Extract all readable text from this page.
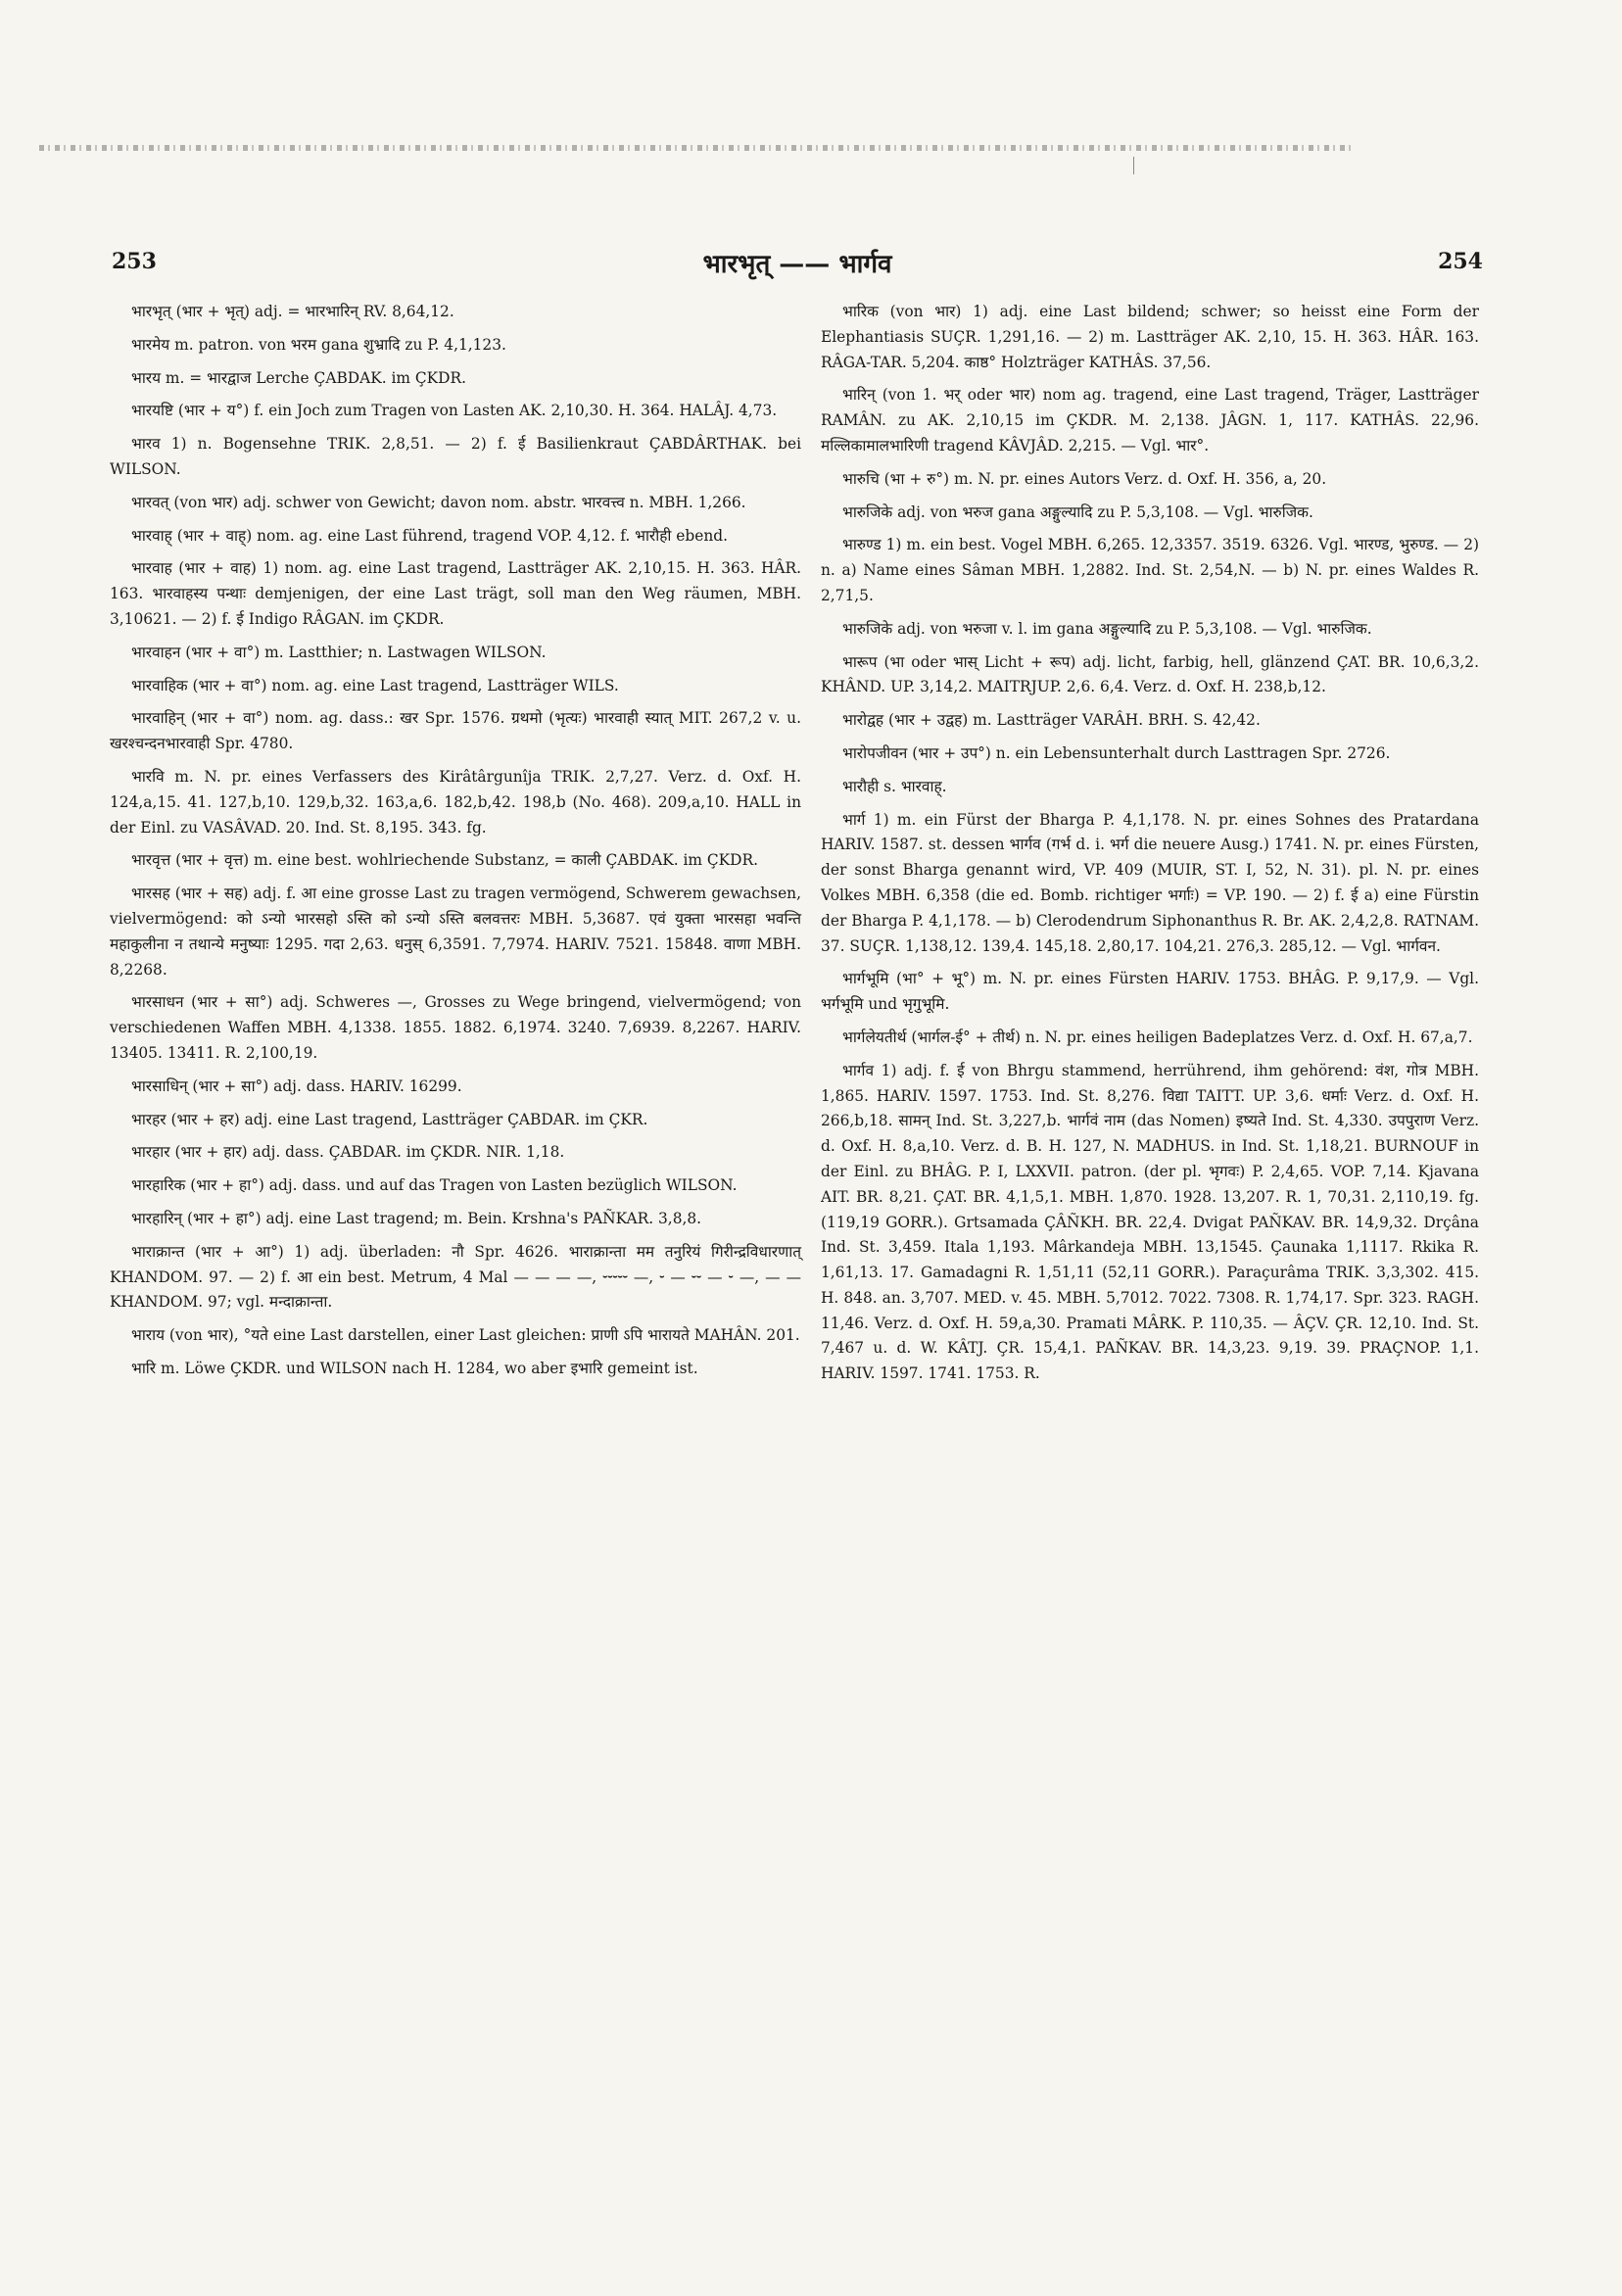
253	भारभृत् —— भार्गव	254

भारभृत् (भार + भृत्) adj. = भारभारिन् RV. 8,64,12.

भारमेय m. patron. von भरम gana शुभ्रादि zu P. 4,1,123.

भारय m. = भारद्वाज Lerche ÇABDAK. im ÇKDR.

भारयष्टि (भार + य°) f. ein Joch zum Tragen von Lasten AK. 2,10,30. H. 364. HALÂJ. 4,73.

भारव 1) n. Bogensehne TRIK. 2,8,51. — 2) f. ई Basilienkraut ÇABDÂRTHAK. bei WILSON.

भारवत् (von भार) adj. schwer von Gewicht; davon nom. abstr. भारवत्त्व n. MBH. 1,266.

भारवाह् (भार + वाह्) nom. ag. eine Last führend, tragend VOP. 4,12. f. भारौही ebend.

भारवाह (भार + वाह) 1) nom. ag. eine Last tragend, Lastträger AK. 2,10,15. H. 363. HÂR. 163. भारवाहस्य पन्थाः demjenigen, der eine Last trägt, soll man den Weg räumen, MBH. 3,10621. — 2) f. ई Indigo RÂGAN. im ÇKDR.

भारवाहन (भार + वा°) m. Lastthier; n. Lastwagen WILSON.

भारवाहिक (भार + वा°) nom. ag. eine Last tragend, Lastträger WILS.

भारवाहिन् (भार + वा°) nom. ag. dass.: खर Spr. 1576. ग्रथमो (भृत्यः) भारवाही स्यात् MIT. 267,2 v. u. खरश्चन्दनभारवाही Spr. 4780.

भारवि m. N. pr. eines Verfassers des Kirâtârgunîja TRIK. 2,7,27. Verz. d. Oxf. H. 124,a,15. 41. 127,b,10. 129,b,32. 163,a,6. 182,b,42. 198,b (No. 468). 209,a,10. HALL in der Einl. zu VASÂVAD. 20. Ind. St. 8,195. 343. fg.

भारवृत्त (भार + वृत्त) m. eine best. wohlriechende Substanz, = काली ÇABDAK. im ÇKDR.

भारसह (भार + सह) adj. f. आ eine grosse Last zu tragen vermögend, Schwerem gewachsen, vielvermögend: को ऽन्यो भारसहो ऽस्ति को ऽन्यो ऽस्ति बलवत्तरः MBH. 5,3687. एवं युक्ता भारसहा भवन्ति महाकुलीना न तथान्ये मनुष्याः 1295. गदा 2,63. धनुस् 6,3591. 7,7974. HARIV. 7521. 15848. वाणा MBH. 8,2268.

भारसाधन (भार + सा°) adj. Schweres —, Grosses zu Wege bringend, vielvermögend; von verschiedenen Waffen MBH. 4,1338. 1855. 1882. 6,1974. 3240. 7,6939. 8,2267. HARIV. 13405. 13411. R. 2,100,19.

भारसाधिन् (भार + सा°) adj. dass. HARIV. 16299.

भारहर (भार + हर) adj. eine Last tragend, Lastträger ÇABDAR. im ÇKR.

भारहार (भार + हार) adj. dass. ÇABDAR. im ÇKDR. NIR. 1,18.

भारहारिक (भार + हा°) adj. dass. und auf das Tragen von Lasten bezüglich WILSON.

भारहारिन् (भार + हा°) adj. eine Last tragend; m. Bein. Krshna's PAÑKAR. 3,8,8.

भाराक्रान्त (भार + आ°) 1) adj. überladen: नौ Spr. 4626. भाराक्रान्ता मम तनुरियं गिरीन्द्रविधारणात् KHANDOM. 97. — 2) f. आ ein best. Metrum, 4 Mal — — — —, ⏑⏑⏑⏑⏑ —, ⏑ — ⏑⏑ — ⏑ —, — — KHANDOM. 97; vgl. मन्दाक्रान्ता.

भाराय (von भार), °यते eine Last darstellen, einer Last gleichen: प्राणी ऽपि भारायते MAHÂN. 201.

भारि m. Löwe ÇKDR. und WILSON nach H. 1284, wo aber इभारि gemeint ist.

भारिक (von भार) 1) adj. eine Last bildend; schwer; so heisst eine Form der Elephantiasis SUÇR. 1,291,16. — 2) m. Lastträger AK. 2,10, 15. H. 363. HÂR. 163. RÂGA-TAR. 5,204. काष्ठ° Holzträger KATHÂS. 37,56.

भारिन् (von 1. भर् oder भार) nom ag. tragend, eine Last tragend, Träger, Lastträger RAMÂN. zu AK. 2,10,15 im ÇKDR. M. 2,138. JÂGN. 1, 117. KATHÂS. 22,96. मल्लिकामालभारिणी tragend KÂVJÂD. 2,215. — Vgl. भार°.

भारुचि (भा + रु°) m. N. pr. eines Autors Verz. d. Oxf. H. 356, a, 20.

भारुजिके adj. von भरुज gana अङ्गुल्यादि zu P. 5,3,108. — Vgl. भारुजिक.

भारुण्ड 1) m. ein best. Vogel MBH. 6,265. 12,3357. 3519. 6326. Vgl. भारण्ड, भुरुण्ड. — 2) n. a) Name eines Sâman MBH. 1,2882. Ind. St. 2,54,N. — b) N. pr. eines Waldes R. 2,71,5.

भारुजिके adj. von भरुजा v. l. im gana अङ्गुल्यादि zu P. 5,3,108. — Vgl. भारुजिक.

भारूप (भा oder भास् Licht + रूप) adj. licht, farbig, hell, glänzend ÇAT. BR. 10,6,3,2. KHÂND. UP. 3,14,2. MAITRJUP. 2,6. 6,4. Verz. d. Oxf. H. 238,b,12.

भारोद्वह (भार + उद्वह) m. Lastträger VARÂH. BRH. S. 42,42.

भारोपजीवन (भार + उप°) n. ein Lebensunterhalt durch Lasttragen Spr. 2726.

भारौही s. भारवाह्.

भार्ग 1) m. ein Fürst der Bharga P. 4,1,178. N. pr. eines Sohnes des Pratardana HARIV. 1587. st. dessen भार्गव (गर्भ d. i. भर्ग die neuere Ausg.) 1741. N. pr. eines Fürsten, der sonst Bharga genannt wird, VP. 409 (MUIR, ST. I, 52, N. 31). pl. N. pr. eines Volkes MBH. 6,358 (die ed. Bomb. richtiger भर्गाः) = VP. 190. — 2) f. ई a) eine Fürstin der Bharga P. 4,1,178. — b) Clerodendrum Siphonanthus R. Br. AK. 2,4,2,8. RATNAM. 37. SUÇR. 1,138,12. 139,4. 145,18. 2,80,17. 104,21. 276,3. 285,12. — Vgl. भार्गवन.

भार्गभूमि (भा° + भू°) m. N. pr. eines Fürsten HARIV. 1753. BHÂG. P. 9,17,9. — Vgl. भर्गभूमि und भृगुभूमि.

भार्गलेयतीर्थ (भार्गल-ई° + तीर्थ) n. N. pr. eines heiligen Badeplatzes Verz. d. Oxf. H. 67,a,7.

भार्गव 1) adj. f. ई von Bhrgu stammend, herrührend, ihm gehörend: वंश, गोत्र MBH. 1,865. HARIV. 1597. 1753. Ind. St. 8,276. विद्या TAITT. UP. 3,6. धर्माः Verz. d. Oxf. H. 266,b,18. सामन् Ind. St. 3,227,b. भार्गवं नाम (das Nomen) इष्यते Ind. St. 4,330. उपपुराण Verz. d. Oxf. H. 8,a,10. Verz. d. B. H. 127, N. MADHUS. in Ind. St. 1,18,21. BURNOUF in der Einl. zu BHÂG. P. I, LXXVII. patron. (der pl. भृगवः) P. 2,4,65. VOP. 7,14. Kjavana AIT. BR. 8,21. ÇAT. BR. 4,1,5,1. MBH. 1,870. 1928. 13,207. R. 1, 70,31. 2,110,19. fg. (119,19 GORR.). Grtsamada ÇÂÑKH. BR. 22,4. Dvigat PAÑKAV. BR. 14,9,32. Drçâna Ind. St. 3,459. Itala 1,193. Mârkandeja MBH. 13,1545. Çaunaka 1,1117. Rkika R. 1,61,13. 17. Gamadagni R. 1,51,11 (52,11 GORR.). Paraçurâma TRIK. 3,3,302. 415. H. 848. an. 3,707. MED. v. 45. MBH. 5,7012. 7022. 7308. R. 1,74,17. Spr. 323. RAGH. 11,46. Verz. d. Oxf. H. 59,a,30. Pramati MÂRK. P. 110,35. — ÂÇV. ÇR. 12,10. Ind. St. 7,467 u. d. W. KÂTJ. ÇR. 15,4,1. PAÑKAV. BR. 14,3,23. 9,19. 39. PRAÇNOP. 1,1. HARIV. 1597. 1741. 1753. R.
